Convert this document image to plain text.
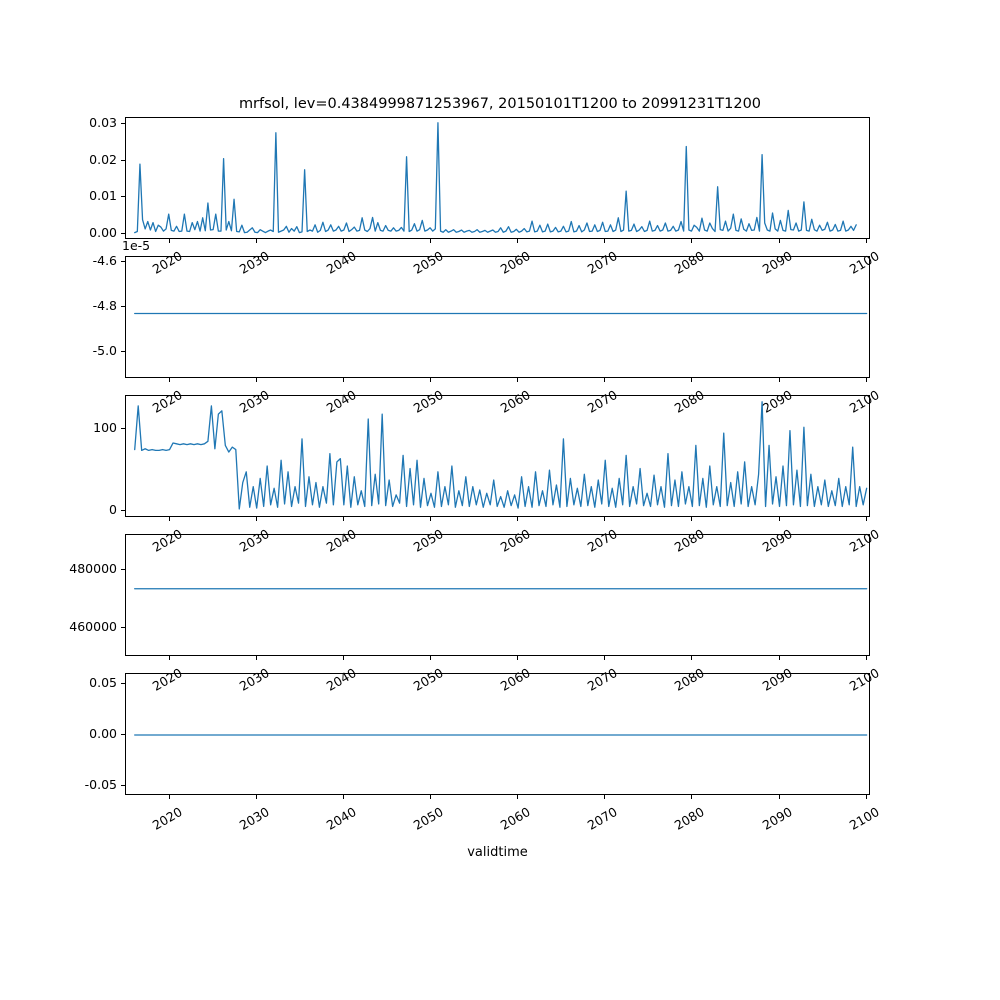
mrfsol, lev=0.4384999871253967, 20150101T1200 to 20991231T1200
0.00
0.01
0.02
0.03
2020	2030	2040	2050	2060	2070	2080	2090	2100
-5.0
-4.8
-4.6
1e-5
2020	2030	2040	2050	2060	2070	2080	2090	2100
0
100
2020	2030	2040	2050	2060	2070	2080	2090	2100
460000
480000
2020	2030	2040	2050	2060	2070	2080	2090	2100
-0.05
0.00
0.05
2020	2030	2040	2050	2060	2070	2080	2090	2100
validtime
